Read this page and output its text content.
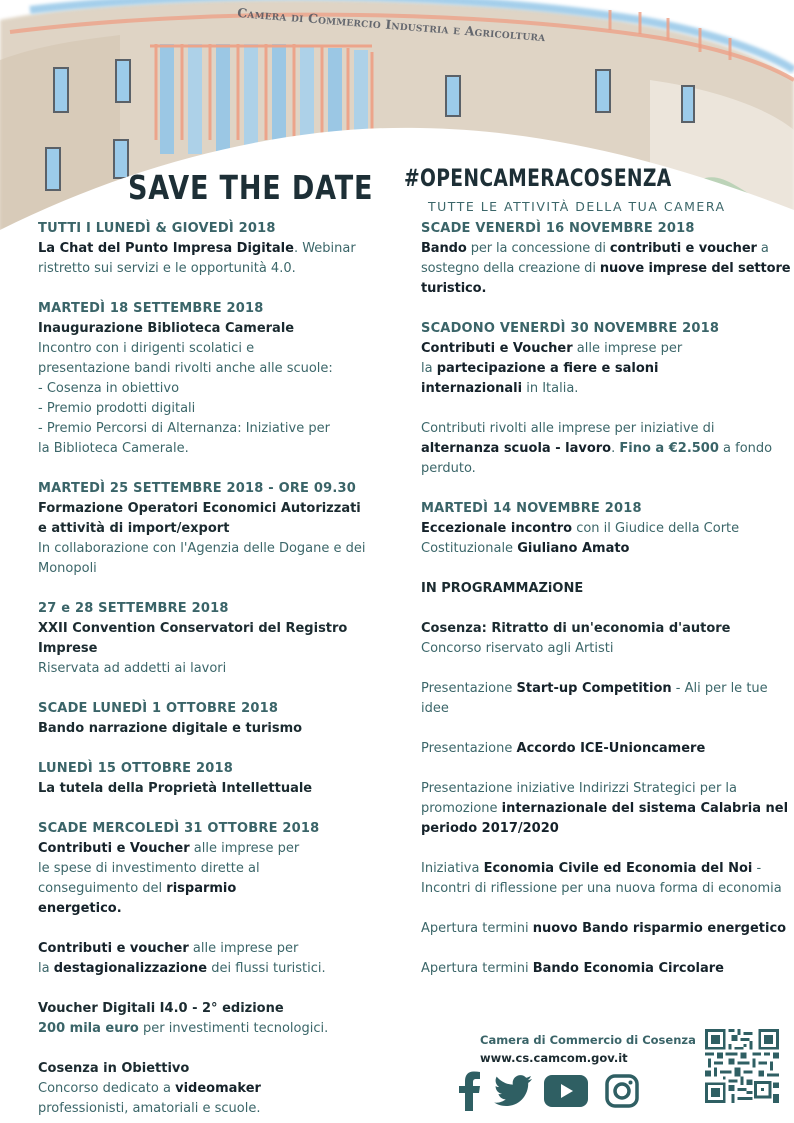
Camera di Commercio Industria e Agricoltura
SAVE THE DATE #OPENCAMERACOSENZA
TUTTE LE ATTIVITÀ DELLA TUA CAMERA
TUTTI I LUNEDÌ & GIOVEDÌ 2018
La Chat del Punto Impresa Digitale. Webinar ristretto sui servizi e le opportunità 4.0.
MARTEDÌ 18 SETTEMBRE 2018
Inaugurazione Biblioteca Camerale
Incontro con i dirigenti scolatici e
presentazione bandi rivolti anche alle scuole:
- Cosenza in obiettivo
- Premio prodotti digitali
- Premio Percorsi di Alternanza: Iniziative per
la Biblioteca Camerale.
MARTEDÌ 25 SETTEMBRE 2018 - ORE 09.30
Formazione Operatori Economici Autorizzati
e attività di import/export
In collaborazione con l'Agenzia delle Dogane e dei Monopoli
27 e 28 SETTEMBRE 2018
XXII Convention Conservatori del Registro Imprese
Riservata ad addetti ai lavori
SCADE LUNEDÌ 1 OTTOBRE 2018
Bando narrazione digitale e turismo
LUNEDÌ 15 OTTOBRE 2018
La tutela della Proprietà Intellettuale
SCADE MERCOLEDÌ 31 OTTOBRE 2018
Contributi e Voucher alle imprese per
le spese di investimento dirette al
conseguimento del risparmio
energetico.
Contributi e voucher alle imprese per
la destagionalizzazione dei flussi turistici.
Voucher Digitali I4.0 - 2° edizione
200 mila euro per investimenti tecnologici.
Cosenza in Obiettivo
Concorso dedicato a videomaker
professionisti, amatoriali e scuole.
SCADE VENERDÌ 16 NOVEMBRE 2018
Bando per la concessione di contributi e voucher a sostegno della creazione di nuove imprese del settore turistico.
SCADONO VENERDÌ 30 NOVEMBRE 2018
Contributi e Voucher alle imprese per
la partecipazione a fiere e saloni
internazionali in Italia.
Contributi rivolti alle imprese per iniziative di
alternanza scuola - lavoro. Fino a €2.500 a fondo perduto.
MARTEDÌ 14 NOVEMBRE 2018
Eccezionale incontro con il Giudice della Corte Costituzionale Giuliano Amato
IN PROGRAMMAZiONE
Cosenza: Ritratto di un'economia d'autore
Concorso riservato agli Artisti
Presentazione Start-up Competition - Ali per le tue idee
Presentazione Accordo ICE-Unioncamere
Presentazione iniziative Indirizzi Strategici per la promozione internazionale del sistema Calabria nel periodo 2017/2020
Iniziativa Economia Civile ed Economia del Noi - Incontri di riflessione per una nuova forma di economia
Apertura termini nuovo Bando risparmio energetico
Apertura termini Bando Economia Circolare
Camera di Commercio di Cosenza
www.cs.camcom.gov.it
